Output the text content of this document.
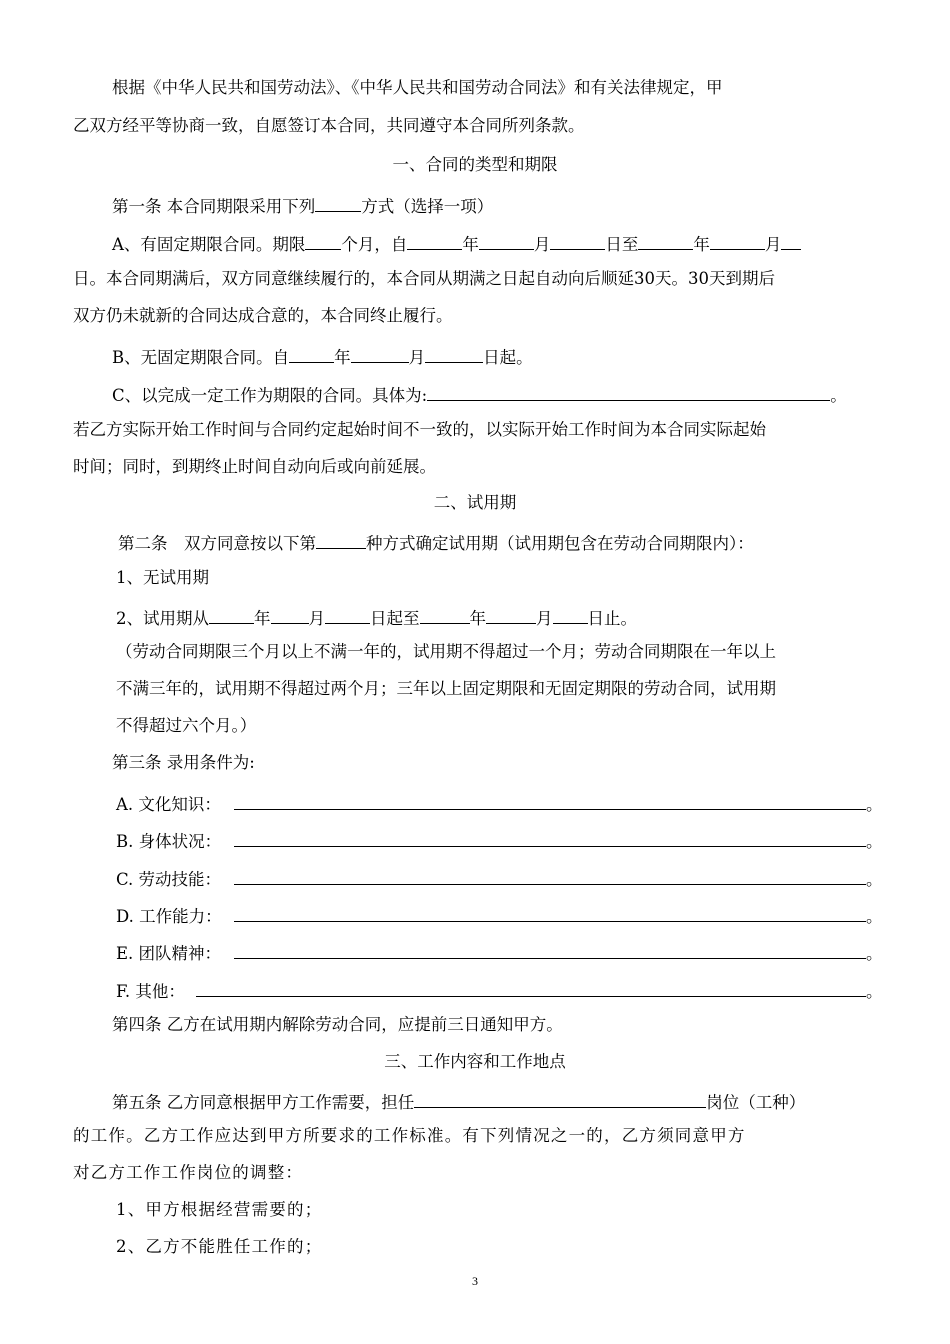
根据《中华人民共和国劳动法》、《中华人民共和国劳动合同法》和有关法律规定，甲
乙双方经平等协商一致，自愿签订本合同，共同遵守本合同所列条款。
一、合同的类型和期限
第一条 本合同期限采用下列	方式（选择一项）
A、有固定期限合同。期限 个月，自	年	月	日至	年	月
日。本合同期满后，双方同意继续履行的，本合同从期满之日起自动向后顺延30天。30天到期后
双方仍未就新的合同达成合意的，本合同终止履行。
B、无固定期限合同。自	年	月	日起。
C、以完成一定工作为期限的合同。具体为:	。
若乙方实际开始工作时间与合同约定起始时间不一致的，以实际开始工作时间为本合同实际起始
时间；同时，到期终止时间自动向后或向前延展。
二、试用期
第二条　双方同意按以下第	种方式确定试用期（试用期包含在劳动合同期限内）：
1、无试用期
2、试用期从	年 月	日起至	年	月 日止。
（劳动合同期限三个月以上不满一年的，试用期不得超过一个月；劳动合同期限在一年以上
不满三年的，试用期不得超过两个月；三年以上固定期限和无固定期限的劳动合同，试用期
不得超过六个月。）
第三条 录用条件为:
A. 文化知识：	。
B. 身体状况：	。
C. 劳动技能：	。
D. 工作能力：	。
E. 团队精神：	。
F. 其他：	。
第四条 乙方在试用期内解除劳动合同，应提前三日通知甲方。
三、工作内容和工作地点
第五条 乙方同意根据甲方工作需要，担任	岗位（工种）
的工作。乙方工作应达到甲方所要求的工作标准。有下列情况之一的，乙方须同意甲方
对乙方工作工作岗位的调整：
1、甲方根据经营需要的；
2、乙方不能胜任工作的；
3
